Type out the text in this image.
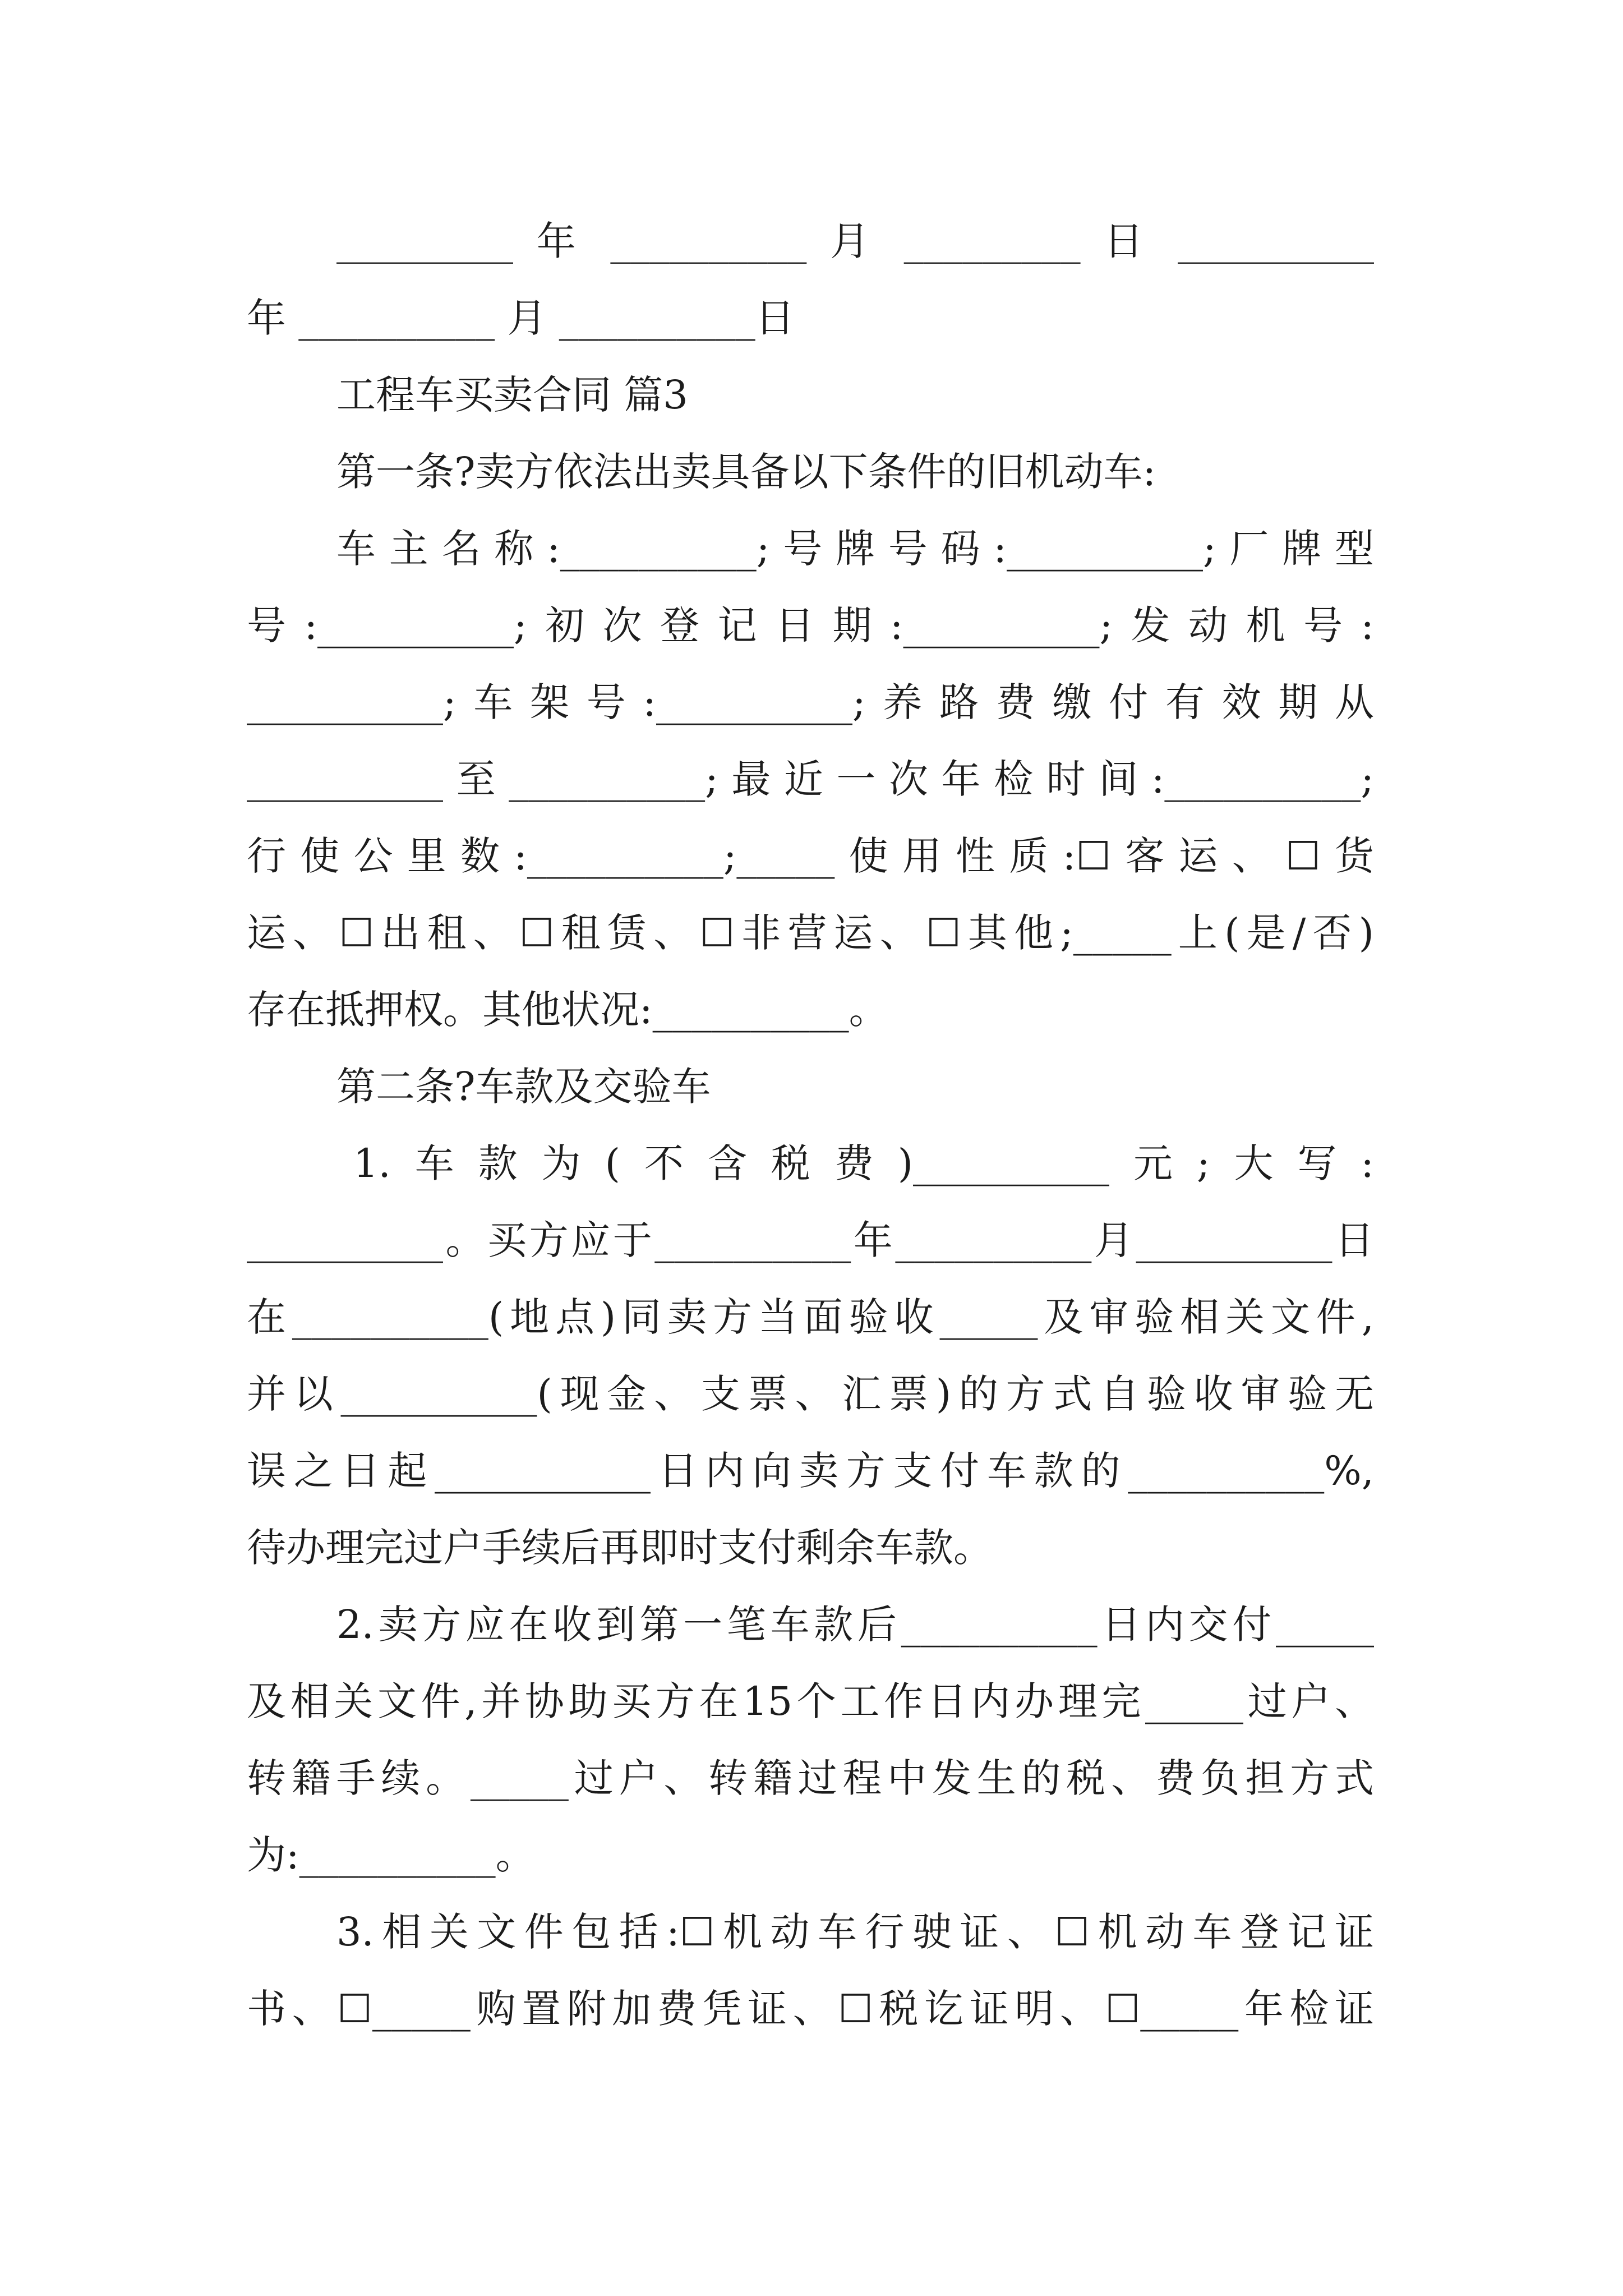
_________ 年 __________ 月 _________ 日 __________
年 __________ 月 __________日
工程车买卖合同 篇3
第一条?卖方依法出卖具备以下条件的旧机动车:
车主名称:__________;号牌号码:__________;厂牌型
号:__________;初次登记日期:__________;发动机号:
__________;车架号:__________;养路费缴付有效期从
__________至__________;最近一次年检时间:__________;
行使公里数:__________;_____使用性质:☐客运、☐货
运、☐出租、☐租赁、☐非营运、☐其他;_____上(是/否)
存在抵押权。其他状况:__________。
第二条?车款及交验车
1.车款为(不含税费)__________元;大写:
__________。买方应于__________年__________月__________日
在__________(地点)同卖方当面验收_____及审验相关文件,
并以__________(现金、支票、汇票)的方式自验收审验无
误之日起___________日内向卖方支付车款的__________%,
待办理完过户手续后再即时支付剩余车款。
2.卖方应在收到第一笔车款后__________日内交付_____
及相关文件,并协助买方在15个工作日内办理完_____过户、
转籍手续。_____过户、转籍过程中发生的税、费负担方式
为:__________。
3.相关文件包括:☐机动车行驶证、☐机动车登记证
书、☐_____购置附加费凭证、☐税讫证明、☐_____年检证
